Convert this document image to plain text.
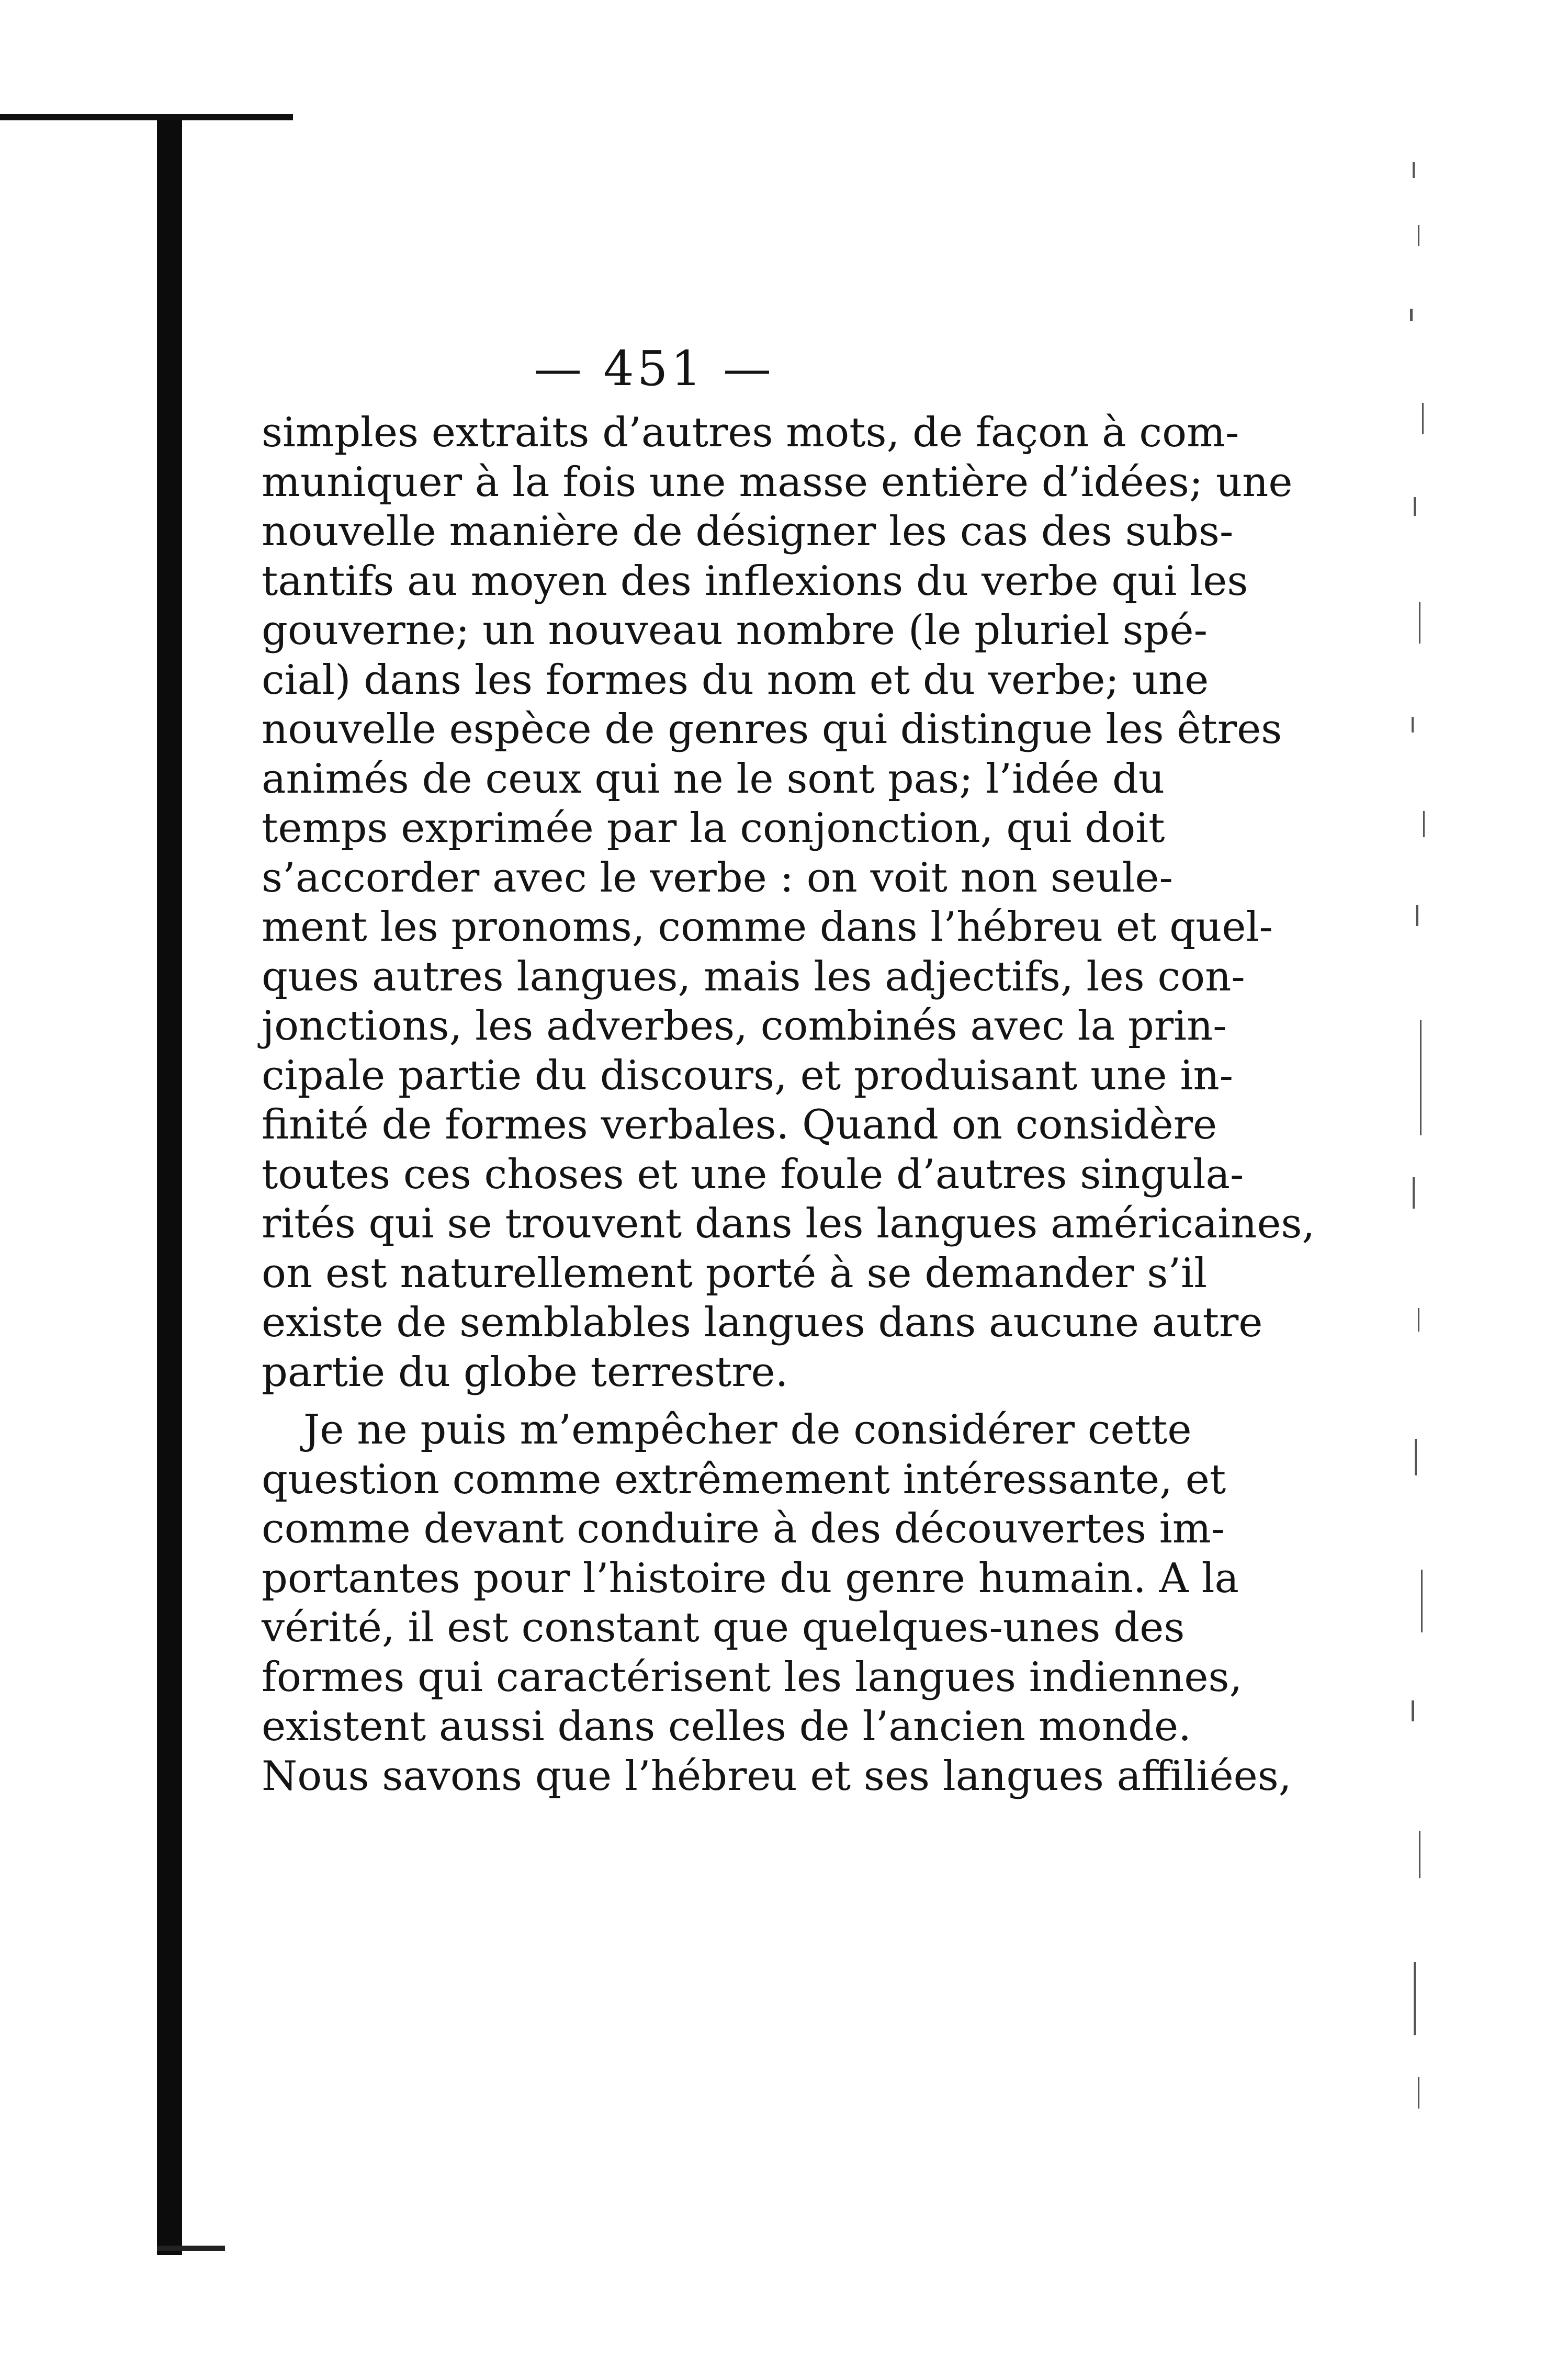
— 451 —
simples extraits d’autres mots, de façon à com-
muniquer à la fois une masse entière d’idées; une
nouvelle manière de désigner les cas des subs-
tantifs au moyen des inflexions du verbe qui les
gouverne; un nouveau nombre (le pluriel spé-
cial) dans les formes du nom et du verbe; une
nouvelle espèce de genres qui distingue les êtres
animés de ceux qui ne le sont pas; l’idée du
temps exprimée par la conjonction, qui doit
s’accorder avec le verbe : on voit non seule-
ment les pronoms, comme dans l’hébreu et quel-
ques autres langues, mais les adjectifs, les con-
jonctions, les adverbes, combinés avec la prin-
cipale partie du discours, et produisant une in-
finité de formes verbales. Quand on considère
toutes ces choses et une foule d’autres singula-
rités qui se trouvent dans les langues américaines,
on est naturellement porté à se demander s’il
existe de semblables langues dans aucune autre
partie du globe terrestre.
Je ne puis m’empêcher de considérer cette
question comme extrêmement intéressante, et
comme devant conduire à des découvertes im-
portantes pour l’histoire du genre humain. A la
vérité, il est constant que quelques-unes des
formes qui caractérisent les langues indiennes,
existent aussi dans celles de l’ancien monde.
Nous savons que l’hébreu et ses langues affiliées,
